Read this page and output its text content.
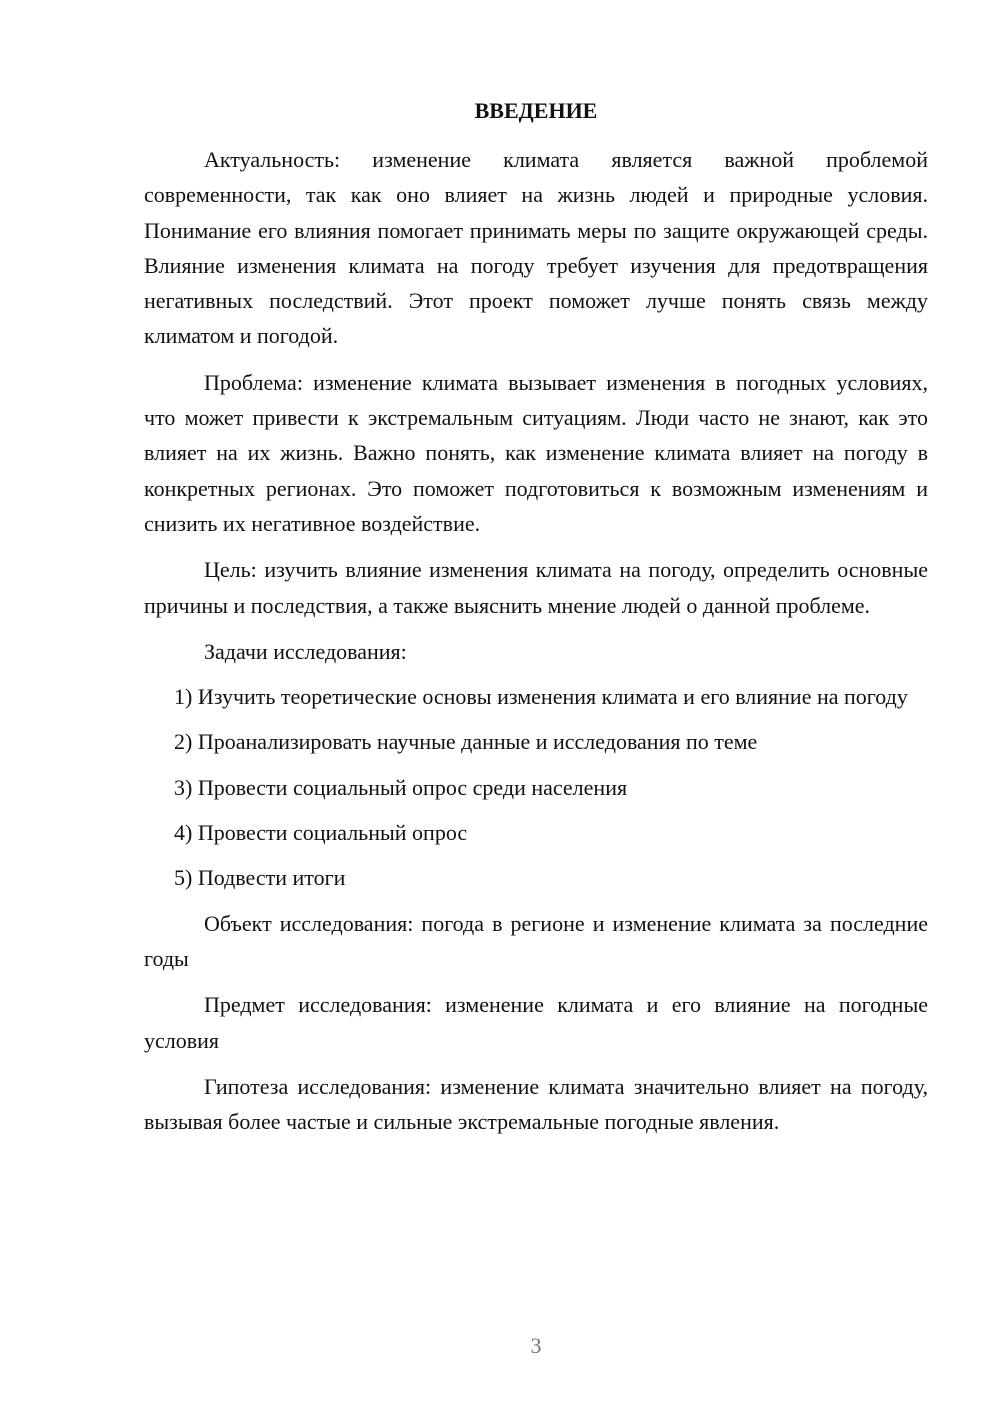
ВВЕДЕНИЕ

Актуальность: изменение климата является важной проблемой современности, так как оно влияет на жизнь людей и природные условия. Понимание его влияния помогает принимать меры по защите окружающей среды. Влияние изменения климата на погоду требует изучения для предотвращения негативных последствий. Этот проект поможет лучше понять связь между климатом и погодой.

Проблема: изменение климата вызывает изменения в погодных условиях, что может привести к экстремальным ситуациям. Люди часто не знают, как это влияет на их жизнь. Важно понять, как изменение климата влияет на погоду в конкретных регионах. Это поможет подготовиться к возможным изменениям и снизить их негативное воздействие.

Цель: изучить влияние изменения климата на погоду, определить основные причины и последствия, а также выяснить мнение людей о данной проблеме.

Задачи исследования:

1) Изучить теоретические основы изменения климата и его влияние на погоду

2) Проанализировать научные данные и исследования по теме

3) Провести социальный опрос среди населения

4) Провести социальный опрос

5) Подвести итоги

Объект исследования: погода в регионе и изменение климата за последние годы

Предмет исследования: изменение климата и его влияние на погодные условия

Гипотеза исследования: изменение климата значительно влияет на погоду, вызывая более частые и сильные экстремальные погодные явления.

3
